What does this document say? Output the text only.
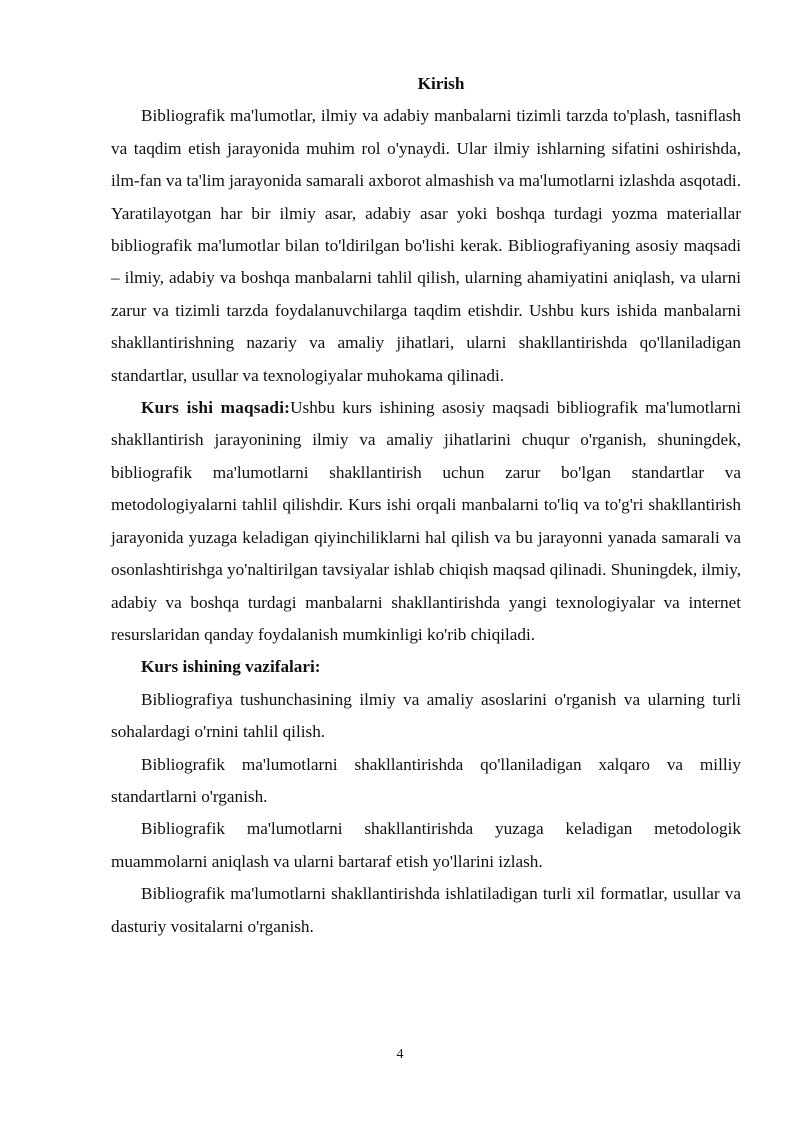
Kirish

Bibliografik ma'lumotlar, ilmiy va adabiy manbalarni tizimli tarzda to'plash, tasniflash va taqdim etish jarayonida muhim rol o'ynaydi. Ular ilmiy ishlarning sifatini oshirishda, ilm-fan va ta'lim jarayonida samarali axborot almashish va ma'lumotlarni izlashda asqotadi. Yaratilayotgan har bir ilmiy asar, adabiy asar yoki boshqa turdagi yozma materiallar bibliografik ma'lumotlar bilan to'ldirilgan bo'lishi kerak. Bibliografiyaning asosiy maqsadi – ilmiy, adabiy va boshqa manbalarni tahlil qilish, ularning ahamiyatini aniqlash, va ularni zarur va tizimli tarzda foydalanuvchilarga taqdim etishdir. Ushbu kurs ishida manbalarni shakllantirishning nazariy va amaliy jihatlari, ularni shakllantirishda qo'llaniladigan standartlar, usullar va texnologiyalar muhokama qilinadi.

Kurs ishi maqsadi:Ushbu kurs ishining asosiy maqsadi bibliografik ma'lumotlarni shakllantirish jarayonining ilmiy va amaliy jihatlarini chuqur o'rganish, shuningdek, bibliografik ma'lumotlarni shakllantirish uchun zarur bo'lgan standartlar va metodologiyalarni tahlil qilishdir. Kurs ishi orqali manbalarni to'liq va to'g'ri shakllantirish jarayonida yuzaga keladigan qiyinchiliklarni hal qilish va bu jarayonni yanada samarali va osonlashtirishga yo'naltirilgan tavsiyalar ishlab chiqish maqsad qilinadi. Shuningdek, ilmiy, adabiy va boshqa turdagi manbalarni shakllantirishda yangi texnologiyalar va internet resurslaridan qanday foydalanish mumkinligi ko'rib chiqiladi.

Kurs ishining vazifalari:

Bibliografiya tushunchasining ilmiy va amaliy asoslarini o'rganish va ularning turli sohalardagi o'rnini tahlil qilish.

Bibliografik ma'lumotlarni shakllantirishda qo'llaniladigan xalqaro va milliy standartlarni o'rganish.

Bibliografik ma'lumotlarni shakllantirishda yuzaga keladigan metodologik muammolarni aniqlash va ularni bartaraf etish yo'llarini izlash.

Bibliografik ma'lumotlarni shakllantirishda ishlatiladigan turli xil formatlar, usullar va dasturiy vositalarni o'rganish.

4
